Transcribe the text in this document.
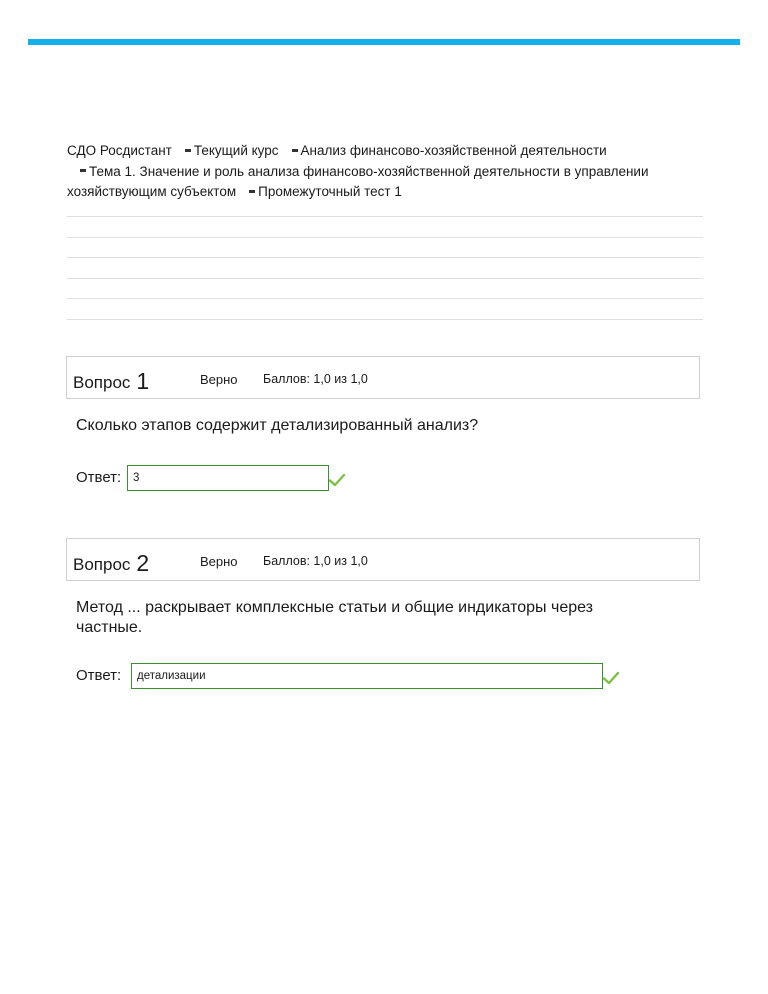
СДО Росдистант Текущий курс Анализ финансово-хозяйственной деятельности
Тема 1. Значение и роль анализа финансово-хозяйственной деятельности в управлении хозяйствующим субъектом Промежуточный тест 1
Вопрос 1	Верно Баллов: 1,0 из 1,0
Сколько этапов содержит детализированный анализ?
Ответ:
3
Вопрос 2	Верно Баллов: 1,0 из 1,0
Метод ... раскрывает комплексные статьи и общие индикаторы через частные.
Ответ:
детализации
